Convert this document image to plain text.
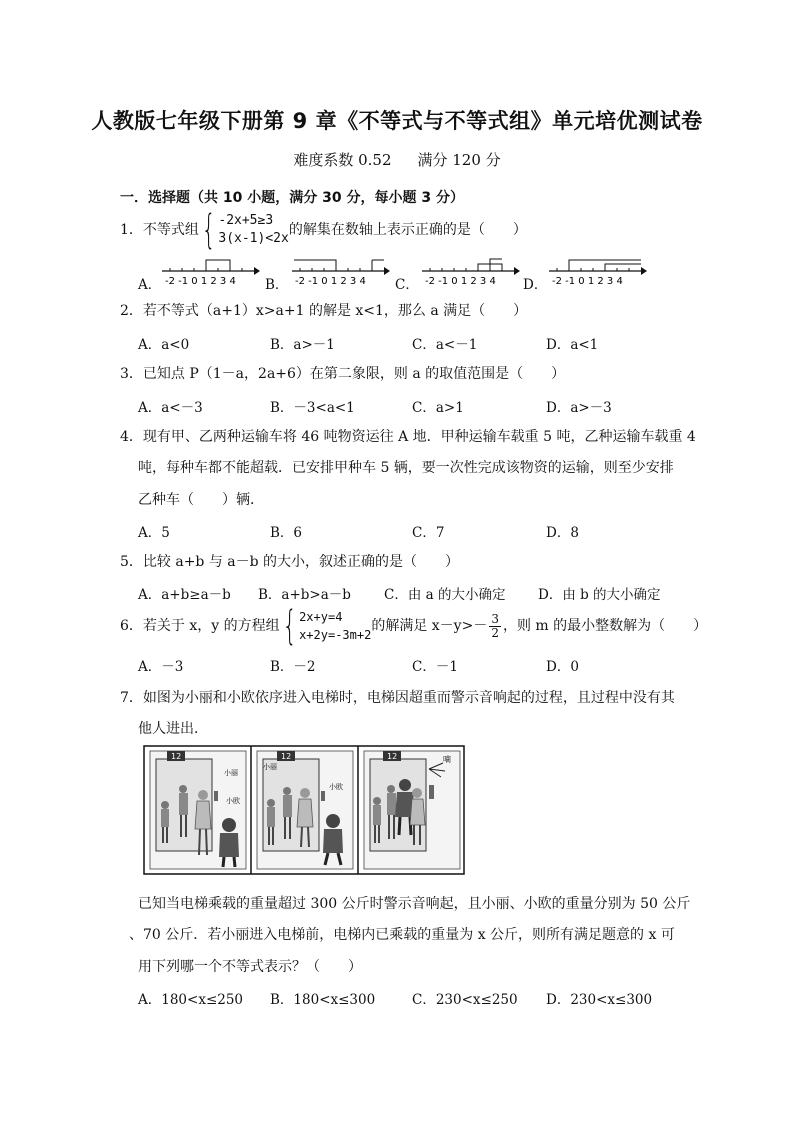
人教版七年级下册第 9 章《不等式与不等式组》单元培优测试卷
难度系数 0.52 满分 120 分
一．选择题（共 10 小题，满分 30 分，每小题 3 分）
1．不等式组 { -2x+5≥3
3(x-1)<2x
的解集在数轴上表示正确的是（　　）
A． -2 -1 0 1 2 3 4 B． -2 -1 0 1 2 3 4 C． -2 -1 0 1 2 3 4 D． -2 -1 0 1 2 3 4
2．若不等式（a+1）x>a+1 的解是 x<1，那么 a 满足（　　）
A．a<0	B．a>－1	C．a<－1	D．a<1
3．已知点 P（1－a，2a+6）在第二象限，则 a 的取值范围是（　　）
A．a<－3	B．－3<a<1	C．a>1	D．a>－3
4．现有甲、乙两种运输车将 46 吨物资运往 A 地．甲种运输车载重 5 吨，乙种运输车载重 4
吨，每种车都不能超载．已安排甲种车 5 辆，要一次性完成该物资的运输，则至少安排
乙种车（　　）辆．
A．5	B．6	C．7	D．8
5．比较 a+b 与 a－b 的大小，叙述正确的是（　　）
A．a+b≥a－b B．a+b>a－b C．由 a 的大小确定 D．由 b 的大小确定
6．若关于 x，y 的方程组 { 2x+y=4
x+2y=-3m+2
的解满足 $x-y>- \frac{3}{2}$ ，则 m 的最小整数解为（　　）
A．－3	B．－2	C．－1	D．0
7．如图为小丽和小欧依序进入电梯时，电梯因超重而警示音响起的过程，且过程中没有其
他人进出．
12
小丽
小欧
12
小丽
小欧
12	嘀
已知当电梯乘载的重量超过 300 公斤时警示音响起，且小丽、小欧的重量分别为 50 公斤
、70 公斤．若小丽进入电梯前，电梯内已乘载的重量为 x 公斤，则所有满足题意的 x 可
用下列哪一个不等式表示？（　　）
A．180<x≤250 B．180<x≤300	C．230<x≤250 D．230<x≤300
